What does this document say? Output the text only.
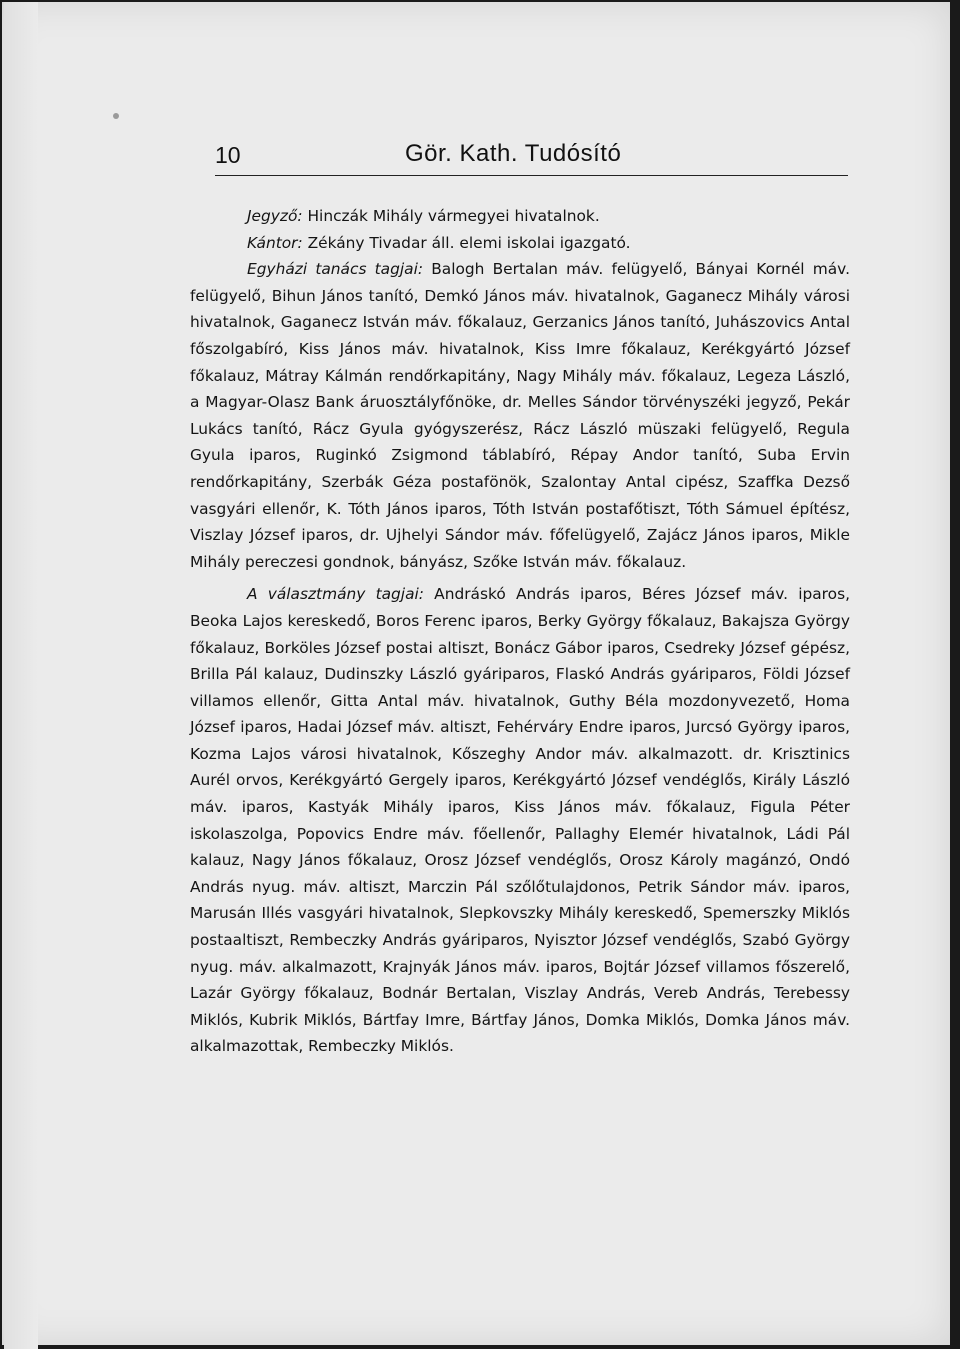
10	Gör. Kath. Tudósító

Jegyző: Hinczák Mihály vármegyei hivatalnok.

Kántor: Zékány Tivadar áll. elemi iskolai igazgató.

Egyházi tanács tagjai: Balogh Bertalan máv. felügyelő, Bányai Kornél máv. felügyelő, Bihun János tanító, Demkó János máv. hivatalnok, Gaganecz Mihály városi hivatalnok, Gaganecz István máv. főkalauz, Gerzanics János tanító, Juhászovics Antal főszolgabíró, Kiss János máv. hivatalnok, Kiss Imre főkalauz, Kerékgyártó József főkalauz, Mátray Kálmán rendőrkapitány, Nagy Mihály máv. főkalauz, Legeza László, a Magyar-Olasz Bank áruosztályfőnöke, dr. Melles Sándor törvényszéki jegyző, Pekár Lukács tanító, Rácz Gyula gyógyszerész, Rácz László müszaki felügyelő, Regula Gyula iparos, Ruginkó Zsigmond táblabíró, Répay Andor tanító, Suba Ervin rendőrkapitány, Szerbák Géza postafönök, Szalontay Antal cipész, Szaffka Dezső vasgyári ellenőr, K. Tóth János iparos, Tóth István postafőtiszt, Tóth Sámuel építész, Viszlay József iparos, dr. Ujhelyi Sándor máv. főfelügyelő, Zajácz János iparos, Mikle Mihály pereczesi gondnok, bányász, Szőke István máv. főkalauz.

A választmány tagjai: Andráskó András iparos, Béres József máv. iparos, Beoka Lajos kereskedő, Boros Ferenc iparos, Berky György főkalauz, Bakajsza György főkalauz, Borköles József postai altiszt, Bonácz Gábor iparos, Csedreky József gépész, Brilla Pál kalauz, Dudinszky László gyáriparos, Flaskó András gyáriparos, Földi József villamos ellenőr, Gitta Antal máv. hivatalnok, Guthy Béla mozdonyvezető, Homa József iparos, Hadai József máv. altiszt, Fehérváry Endre iparos, Jurcsó György iparos, Kozma Lajos városi hivatalnok, Kőszeghy Andor máv. alkalmazott. dr. Krisztinics Aurél orvos, Kerékgyártó Gergely iparos, Kerékgyártó József vendéglős, Király László máv. iparos, Kastyák Mihály iparos, Kiss János máv. főkalauz, Figula Péter iskolaszolga, Popovics Endre máv. főellenőr, Pallaghy Elemér hivatalnok, Ládi Pál kalauz, Nagy János főkalauz, Orosz József vendéglős, Orosz Károly magánzó, Ondó András nyug. máv. altiszt, Marczin Pál szőlőtulajdonos, Petrik Sándor máv. iparos, Marusán Illés vasgyári hivatalnok, Slepkovszky Mihály kereskedő, Spemerszky Miklós postaaltiszt, Rembeczky András gyáriparos, Nyisztor József vendéglős, Szabó György nyug. máv. alkalmazott, Krajnyák János máv. iparos, Bojtár József villamos főszerelő, Lazár György főkalauz, Bodnár Bertalan, Viszlay András, Vereb András, Terebessy Miklós, Kubrik Miklós, Bártfay Imre, Bártfay János, Domka Miklós, Domka János máv. alkalmazottak, Rembeczky Miklós.
